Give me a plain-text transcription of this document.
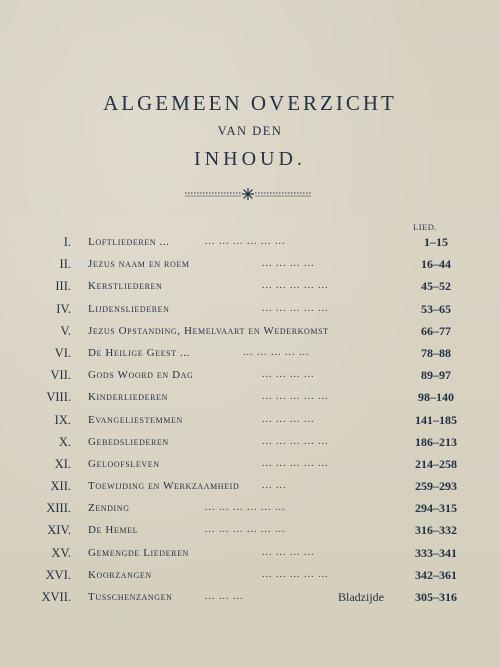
ALGEMEEN OVERZICHT
VAN DEN
INHOUD.
LIED.
I. Loftliederen ...	... ... ... ... ... ...	1–15
II. Jezus naam en roem	... ... ... ...	16–44
III. Kerstliederen	... ... ... ... ...	45–52
IV. Lijdensliederen	... ... ... ... ...	53–65
V. Jezus Opstanding, Hemelvaart en Wederkomst	66–77
VI. De Heilige Geest ...	... ... ... ... ...	78–88
VII. Gods Woord en Dag	... ... ... ...	89–97
VIII. Kinderliederen	... ... ... ... ...	98–140
IX. Evangeliestemmen	... ... ... ...	141–185
X. Gebedsliederen	... ... ... ... ...	186–213
XI. Geloofsleven	... ... ... ... ...	214–258
XII. Toewijding en Werkzaamheid ... ...	259–293
XIII. Zending	... ... ... ... ... ...	294–315
XIV. De Hemel	... ... ... ... ... ...	316–332
XV. Gemengde Liederen	... ... ... ...	333–341
XVI. Koorzangen	... ... ... ... ...	342–361
XVII. Tusschenzangen	... ... ...	Bladzijde	305–316
